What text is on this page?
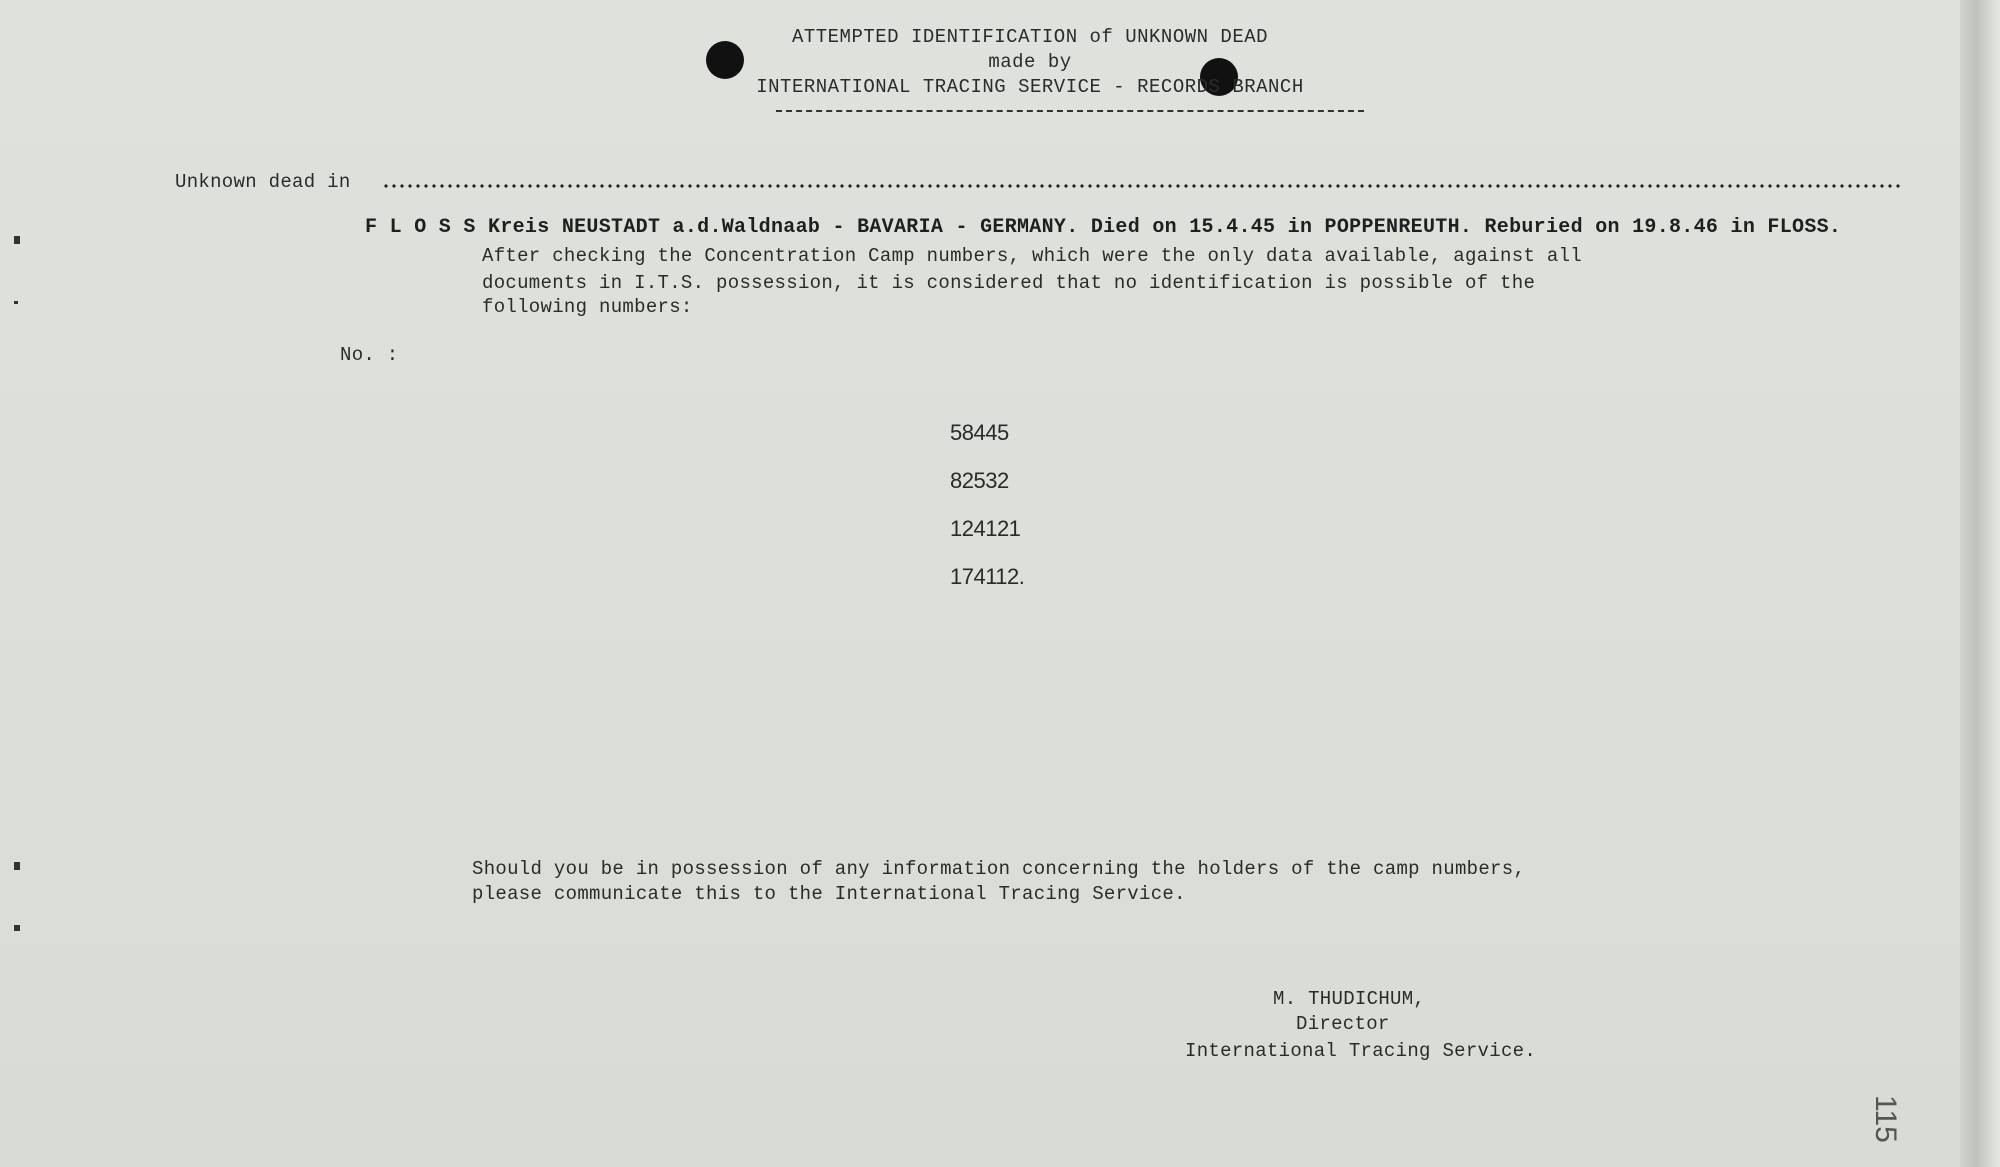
ATTEMPTED IDENTIFICATION of UNKNOWN DEAD
made by
INTERNATIONAL TRACING SERVICE - RECORDS BRANCH
Unknown dead in
F L O S S Kreis NEUSTADT a.d.Waldnaab - BAVARIA - GERMANY. Died on 15.4.45 in POPPENREUTH. Reburied on 19.8.46 in FLOSS.
After checking the Concentration Camp numbers, which were the only data available, against all
documents in I.T.S. possession, it is considered that no identification is possible of the
following numbers:
No. :
58445
82532
124121
174112.
Should you be in possession of any information concerning the holders of the camp numbers,
please communicate this to the International Tracing Service.
M. THUDICHUM,
Director
International Tracing Service.
115
